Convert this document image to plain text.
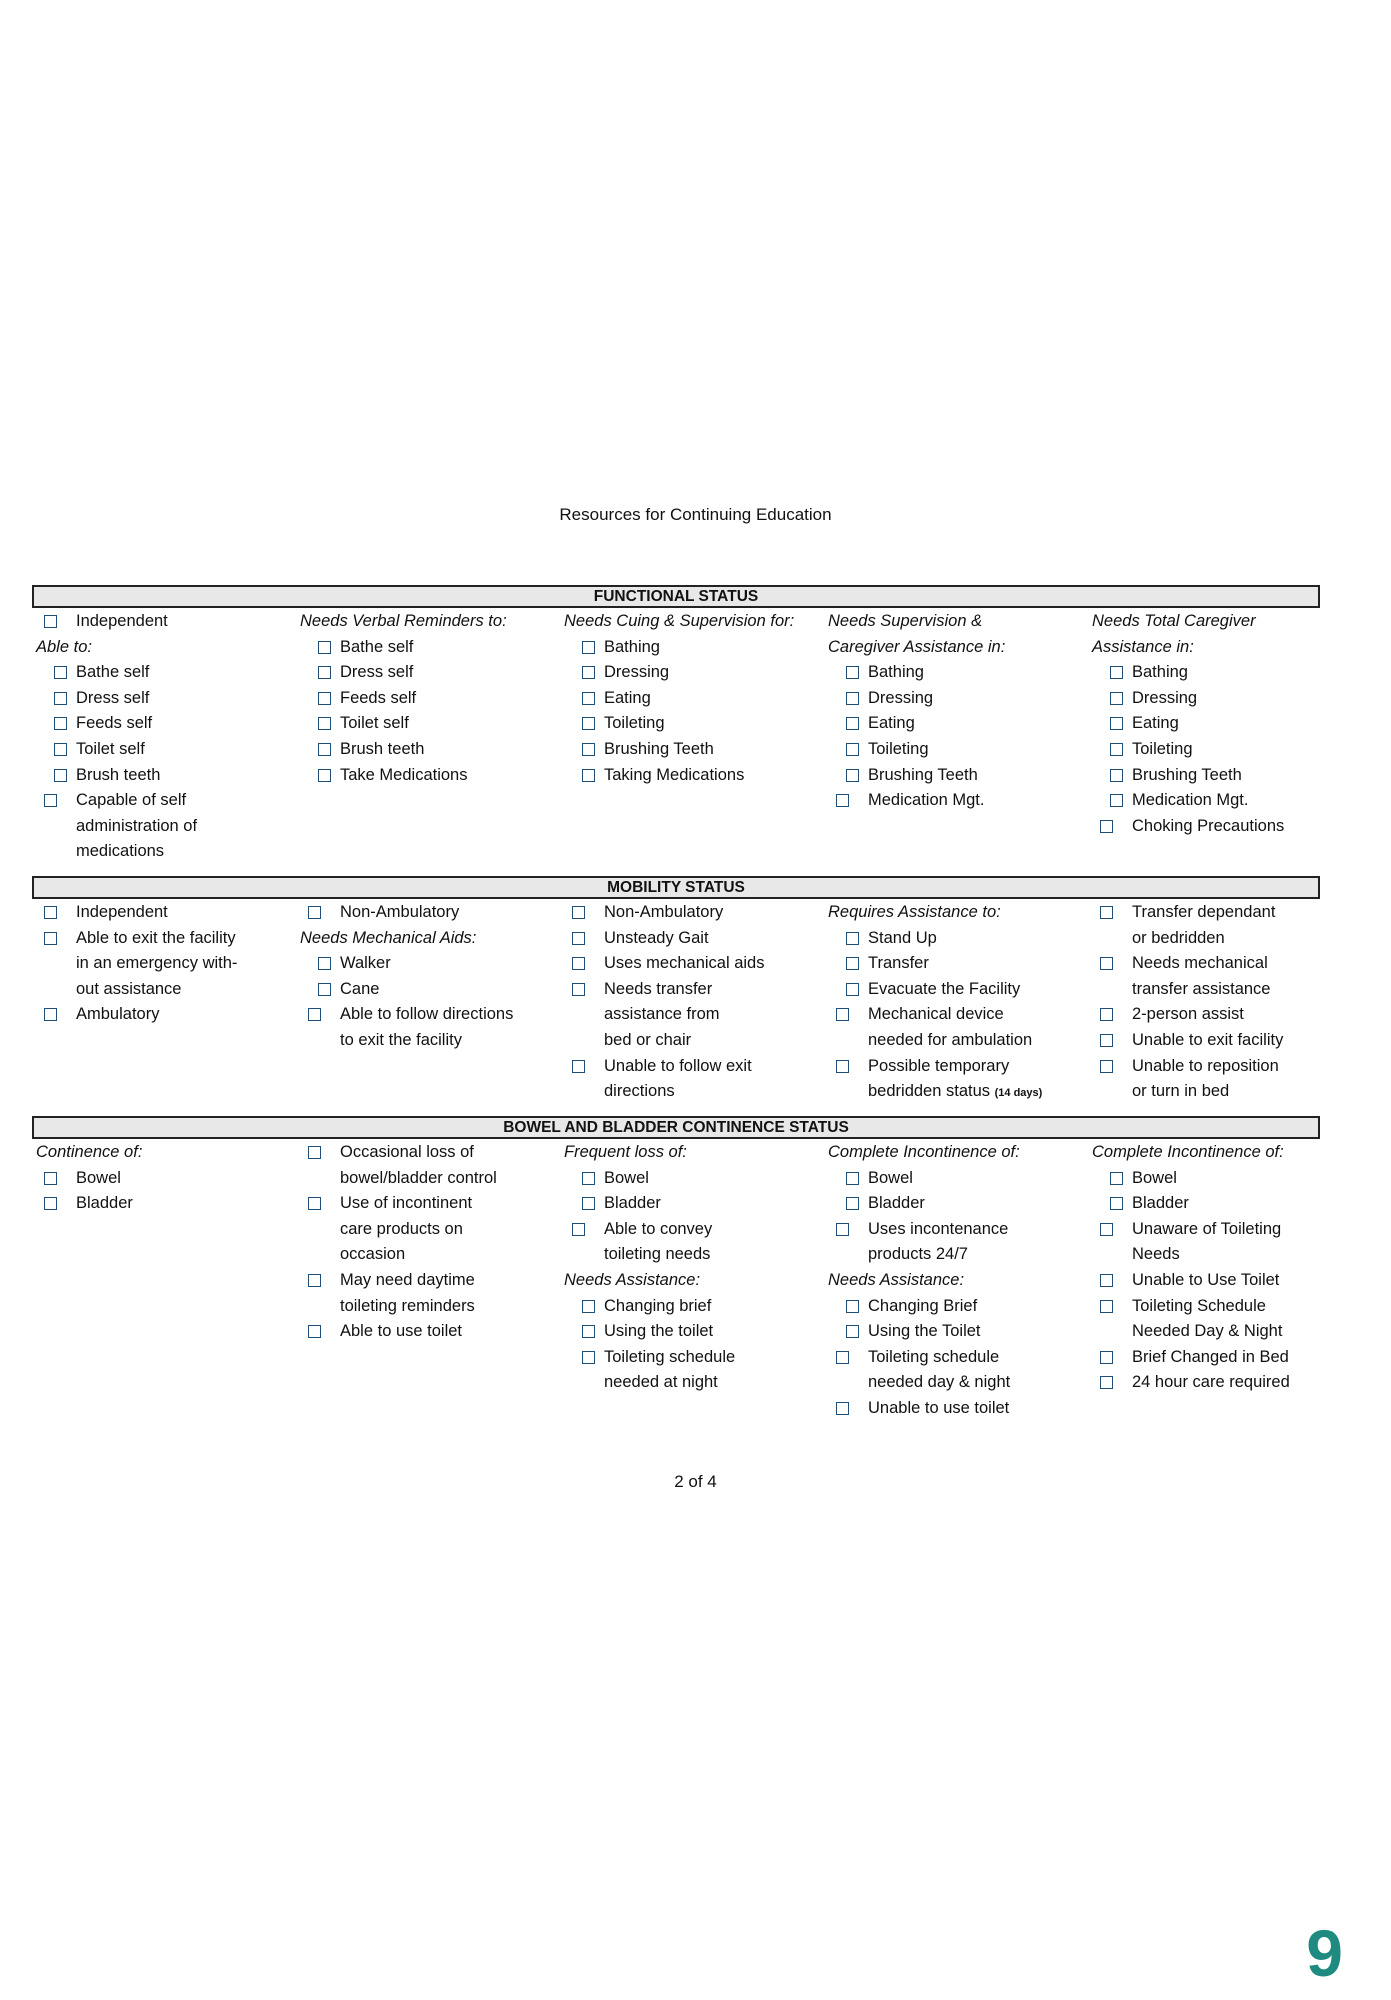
Resources for Continuing Education
FUNCTIONAL STATUS
Independent
Able to:
Bathe self
Dress self
Feeds self
Toilet self
Brush teeth
Capable of self
administration of
medications
Needs Verbal Reminders to:
Bathe self
Dress self
Feeds self
Toilet self
Brush teeth
Take Medications
Needs Cuing & Supervision for:
Bathing
Dressing
Eating
Toileting
Brushing Teeth
Taking Medications
Needs Supervision &
Caregiver Assistance in:
Bathing
Dressing
Eating
Toileting
Brushing Teeth
Medication Mgt.
Needs Total Caregiver
Assistance in:
Bathing
Dressing
Eating
Toileting
Brushing Teeth
Medication Mgt.
Choking Precautions
MOBILITY STATUS
Independent
Able to exit the facility
in an emergency with-
out assistance
Ambulatory
Non-Ambulatory
Needs Mechanical Aids:
Walker
Cane
Able to follow directions
to exit the facility
Non-Ambulatory
Unsteady Gait
Uses mechanical aids
Needs transfer
assistance from
bed or chair
Unable to follow exit
directions
Requires Assistance to:
Stand Up
Transfer
Evacuate the Facility
Mechanical device
needed for ambulation
Possible temporary
bedridden status (14 days)
Transfer dependant
or bedridden
Needs mechanical
transfer assistance
2-person assist
Unable to exit facility
Unable to reposition
or turn in bed
BOWEL AND BLADDER CONTINENCE STATUS
Continence of:
Bowel
Bladder
Occasional loss of
bowel/bladder control
Use of incontinent
care products on
occasion
May need daytime
toileting reminders
Able to use toilet
Frequent loss of:
Bowel
Bladder
Able to convey
toileting needs
Needs Assistance:
Changing brief
Using the toilet
Toileting schedule
needed at night
Complete Incontinence of:
Bowel
Bladder
Uses incontenance
products 24/7
Needs Assistance:
Changing Brief
Using the Toilet
Toileting schedule
needed day & night
Unable to use toilet
Complete Incontinence of:
Bowel
Bladder
Unaware of Toileting
Needs
Unable to Use Toilet
Toileting Schedule
Needed Day & Night
Brief Changed in Bed
24 hour care required
2 of 4
9
